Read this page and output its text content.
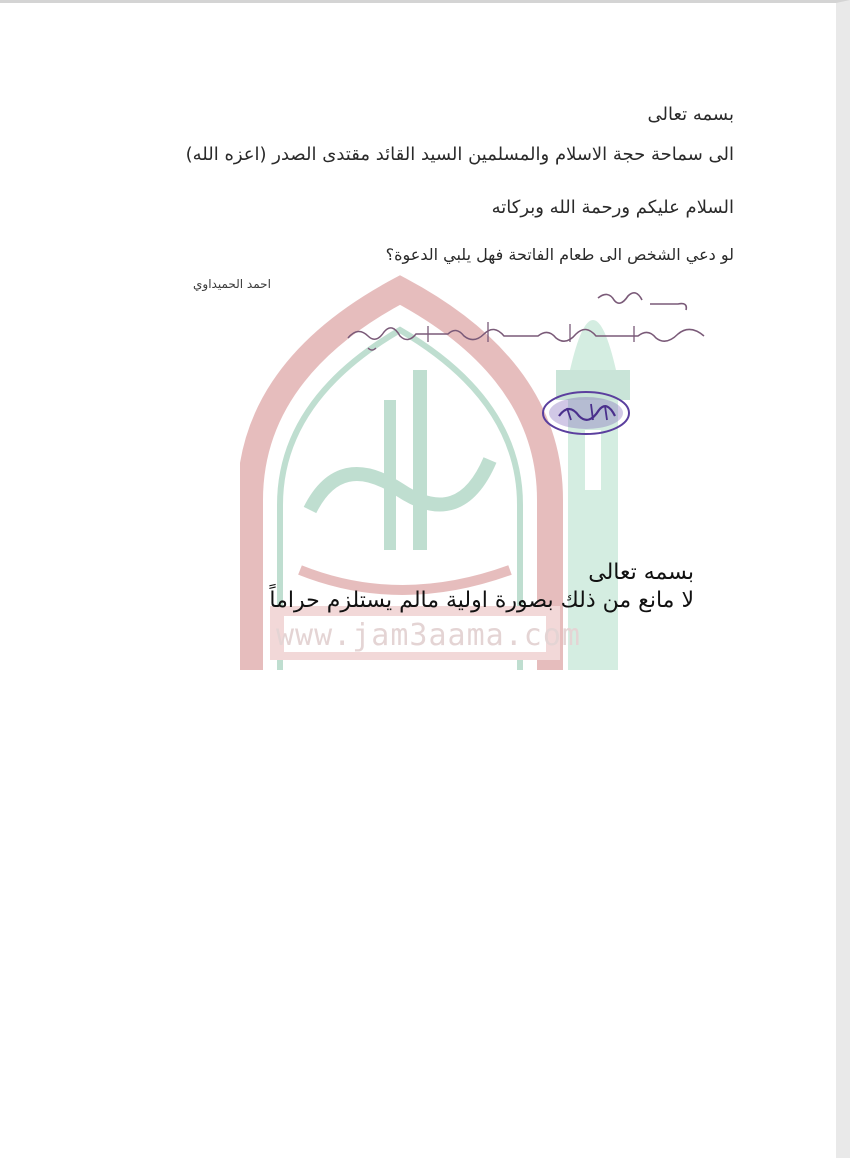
www.jam3aama.com
بسمه تعالى
الى سماحة حجة الاسلام والمسلمين السيد القائد مقتدى الصدر (اعزه الله)
السلام عليكم ورحمة الله وبركاته
لو دعي الشخص الى طعام الفاتحة فهل يلبي الدعوة؟
احمد الحميداوي
بسمه تعالى
لا مانع من ذلك بصورة اولية مالم يستلزم حراماً
